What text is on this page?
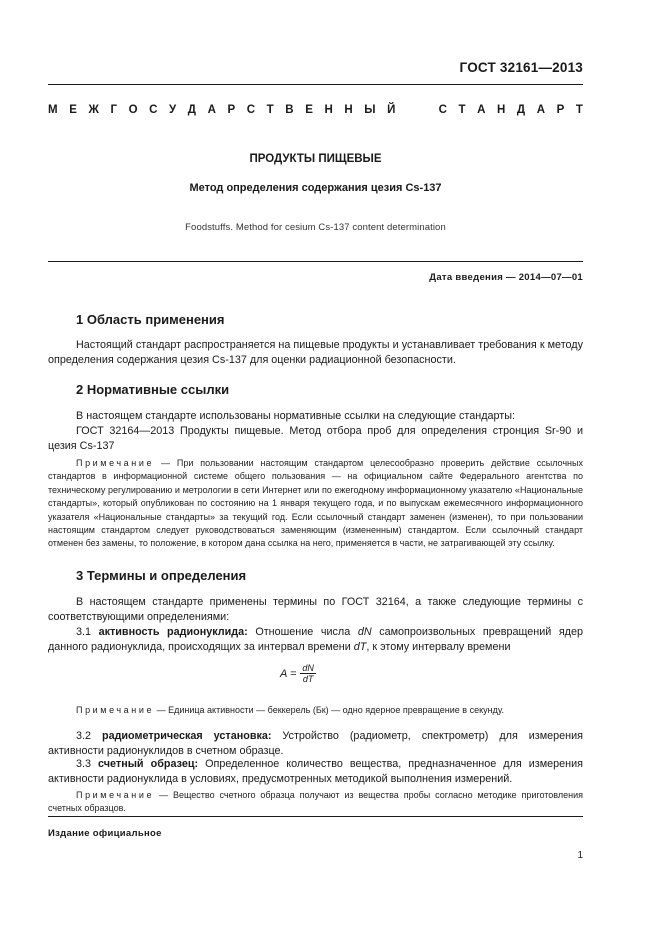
ГОСТ 32161—2013
М Е Ж Г О С У Д А Р С Т В Е Н Н Ы Й
	С Т А Н Д А Р Т
ПРОДУКТЫ ПИЩЕВЫЕ
Метод определения содержания цезия Cs-137
Foodstuffs. Method for cesium Cs-137 content determination
Дата введения — 2014—07—01
1 Область применения

Настоящий стандарт распространяется на пищевые продукты и устанавливает требования к методу определения содержания цезия Cs-137 для оценки радиационной безопасности.

2 Нормативные ссылки

В настоящем стандарте использованы нормативные ссылки на следующие стандарты:

ГОСТ 32164—2013 Продукты пищевые. Метод отбора проб для определения стронция Sr-90 и цезия Cs-137

Примечание — При пользовании настоящим стандартом целесообразно проверить действие ссылочных стандартов в информационной системе общего пользования — на официальном сайте Федерального агентства по техническому регулированию и метрологии в сети Интернет или по ежегодному информационному указателю «Национальные стандарты», который опубликован по состоянию на 1 января текущего года, и по выпускам ежемесячного информационного указателя «Национальные стандарты» за текущий год. Если ссылочный стандарт заменен (изменен), то при пользовании настоящим стандартом следует руководствоваться заменяющим (измененным) стандартом. Если ссылочный стандарт отменен без замены, то положение, в котором дана ссылка на него, применяется в части, не затрагивающей эту ссылку.

3 Термины и определения

В настоящем стандарте применены термины по ГОСТ 32164, а также следующие термины с соответствующими определениями:

3.1 активность радионуклида: Отношение числа dN самопроизвольных превращений ядер данного радионуклида, происходящих за интервал времени dT, к этому интервалу времени

$A = \frac{dN}{dT}$

Примечание — Единица активности — беккерель (Бк) — одно ядерное превращение в секунду.

3.2 радиометрическая установка: Устройство (радиометр, спектрометр) для измерения активности радионуклидов в счетном образце.

3.3 счетный образец: Определенное количество вещества, предназначенное для измерения активности радионуклида в условиях, предусмотренных методикой выполнения измерений.

Примечание — Вещество счетного образца получают из вещества пробы согласно методике приготовления счетных образцов.

Издание официальное
1
